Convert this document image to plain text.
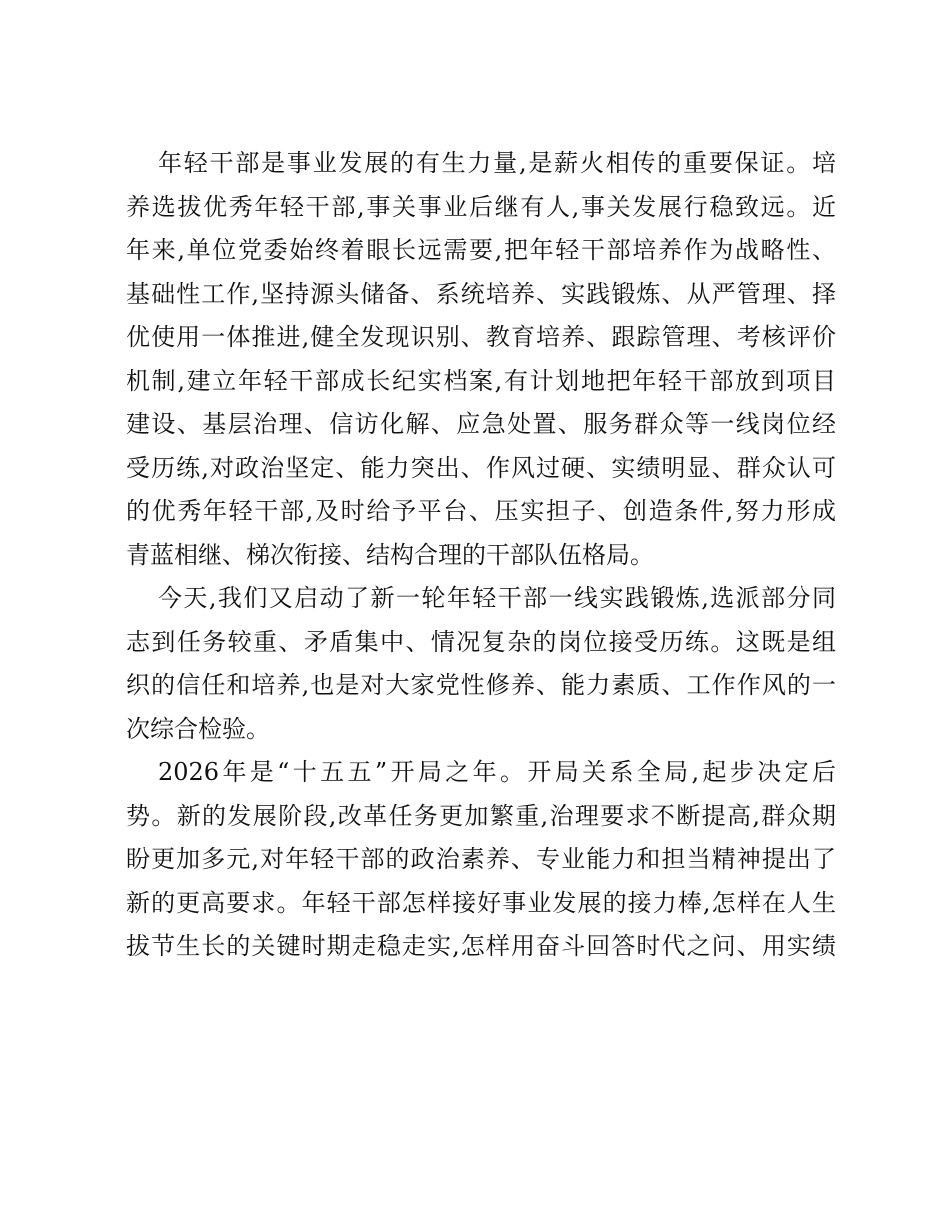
年轻干部是事业发展的有生力量,是薪火相传的重要保证。培
养选拔优秀年轻干部,事关事业后继有人,事关发展行稳致远。近
年来,单位党委始终着眼长远需要,把年轻干部培养作为战略性、
基础性工作,坚持源头储备、系统培养、实践锻炼、从严管理、择
优使用一体推进,健全发现识别、教育培养、跟踪管理、考核评价
机制,建立年轻干部成长纪实档案,有计划地把年轻干部放到项目
建设、基层治理、信访化解、应急处置、服务群众等一线岗位经
受历练,对政治坚定、能力突出、作风过硬、实绩明显、群众认可
的优秀年轻干部,及时给予平台、压实担子、创造条件,努力形成
青蓝相继、梯次衔接、结构合理的干部队伍格局。
今天,我们又启动了新一轮年轻干部一线实践锻炼,选派部分同
志到任务较重、矛盾集中、情况复杂的岗位接受历练。这既是组
织的信任和培养,也是对大家党性修养、能力素质、工作作风的一
次综合检验。
2026年是“十五五”开局之年。开局关系全局,起步决定后
势。新的发展阶段,改革任务更加繁重,治理要求不断提高,群众期
盼更加多元,对年轻干部的政治素养、专业能力和担当精神提出了
新的更高要求。年轻干部怎样接好事业发展的接力棒,怎样在人生
拔节生长的关键时期走稳走实,怎样用奋斗回答时代之问、用实绩
